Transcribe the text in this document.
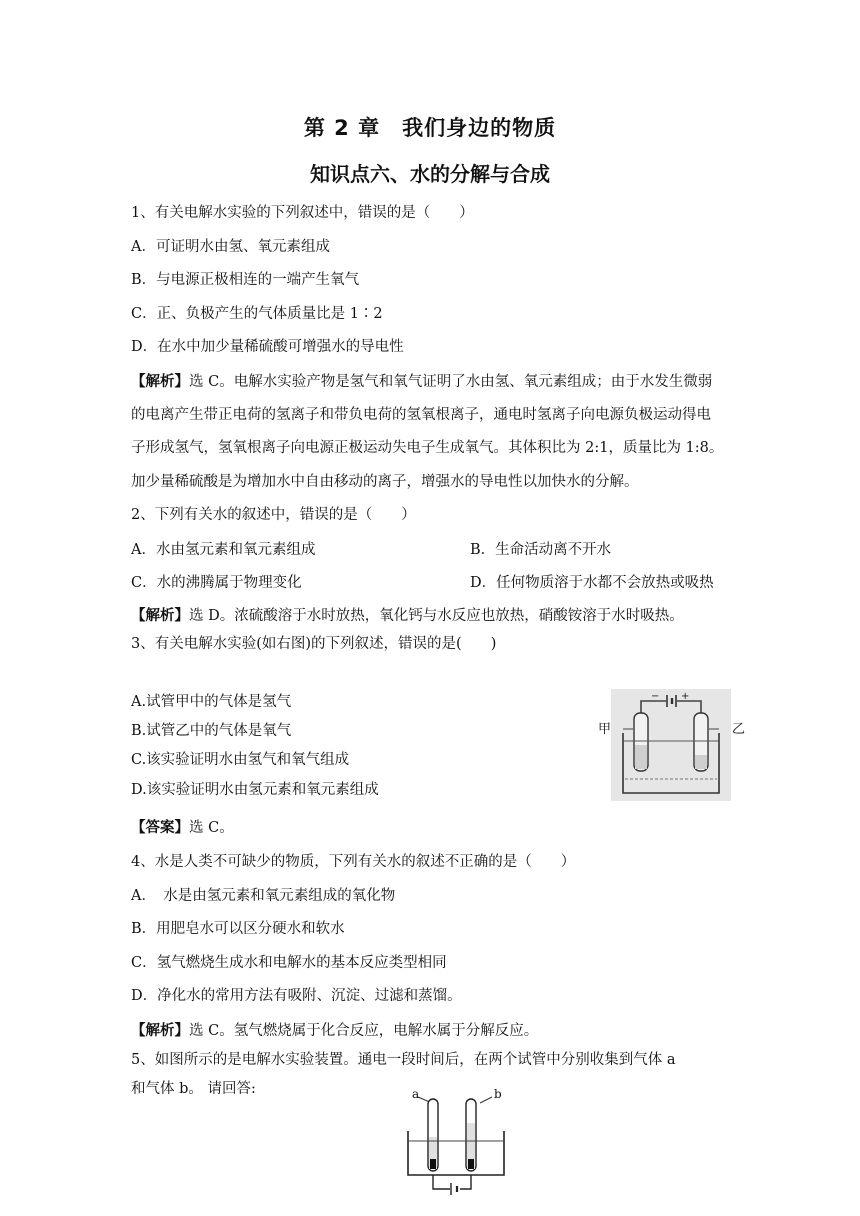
第 2 章　我们身边的物质
知识点六、水的分解与合成
1、有关电解水实验的下列叙述中，错误的是（　　）
A．可证明水由氢、氧元素组成
B．与电源正极相连的一端产生氧气
C．正、负极产生的气体质量比是 1∶2
D．在水中加少量稀硫酸可增强水的导电性
【解析】选 C。电解水实验产物是氢气和氧气证明了水由氢、氧元素组成；由于水发生微弱
的电离产生带正电荷的氢离子和带负电荷的氢氧根离子，通电时氢离子向电源负极运动得电
子形成氢气，氢氧根离子向电源正极运动失电子生成氧气。其体积比为 2:1，质量比为 1:8。
加少量稀硫酸是为增加水中自由移动的离子，增强水的导电性以加快水的分解。
2、下列有关水的叙述中，错误的是（　　）
A．水由氢元素和氧元素组成	B．生命活动离不开水
C．水的沸腾属于物理变化	D．任何物质溶于水都不会放热或吸热
【解析】选 D。浓硫酸溶于水时放热，氧化钙与水反应也放热，硝酸铵溶于水时吸热。
3、有关电解水实验(如右图)的下列叙述，错误的是(　　)
A.试管甲中的气体是氢气
B.试管乙中的气体是氧气
C.该实验证明水由氢气和氧气组成
D.该实验证明水由氢元素和氧元素组成
【答案】选 C。
− +
甲	乙
4、水是人类不可缺少的物质，下列有关水的叙述不正确的是（　　）
A．　水是由氢元素和氧元素组成的氧化物
B．用肥皂水可以区分硬水和软水
C．氢气燃烧生成水和电解水的基本反应类型相同
D．净化水的常用方法有吸附、沉淀、过滤和蒸馏。
【解析】选 C。氢气燃烧属于化合反应，电解水属于分解反应。
5、如图所示的是电解水实验装置。通电一段时间后，在两个试管中分别收集到气体 a
和气体 b。 请回答:	a	b
